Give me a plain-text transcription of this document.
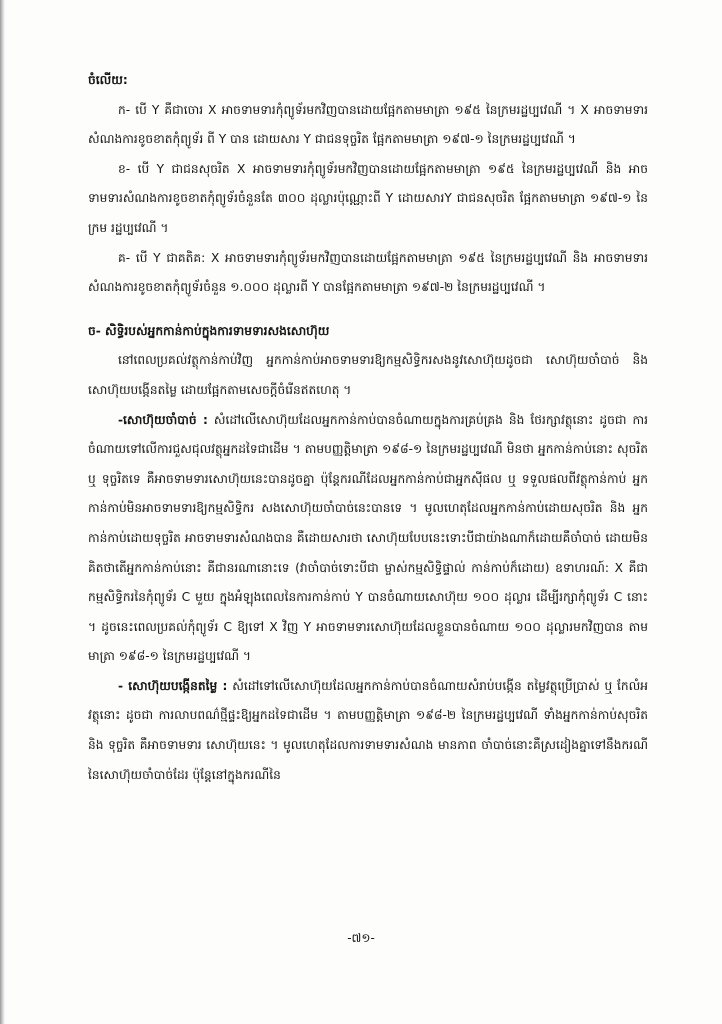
ចំលើយ:

ក- បើ Y គឺជាចោរ X អាចទាមទារកុំព្យូទ័រមកវិញបានដោយផ្អែកតាមមាត្រា ១៩៥ នៃក្រមរដ្ឋប្បវេណី ។ X អាចទាមទារ សំណងការខូចខាតកុំព្យូទ័រ ពី Y បាន ដោយសារ Y ជាជនទុច្ចរិត ផ្អែកតាមមាត្រា ១៩៧-១ នៃក្រមរដ្ឋប្បវេណី ។

ខ- បើ Y ជាជនសុចរិត X អាចទាមទារកុំព្យូទ័រមកវិញបានដោយផ្អែកតាមមាត្រា ១៩៥ នៃក្រមរដ្ឋប្បវេណី និង អាចទាមទារសំណងការខូចខាតកុំព្យូទ័រចំនួនតែ ៣០០ ដុល្លារប៉ុណ្ណោះពី Y ដោយសារY ជាជនសុចរិត ផ្អែកតាមមាត្រា ១៩៧-១ នៃក្រម រដ្ឋប្បវេណី ។

គ- បើ Y ជាគតិគ: X អាចទាមទារកុំព្យូទ័រមកវិញបានដោយផ្អែកតាមមាត្រា ១៩៥ នៃក្រមរដ្ឋប្បវេណី និង អាចទាមទារ សំណងការខូចខាតកុំព្យូទ័រចំនួន ១.០០០ ដុល្លារពី Y បានផ្អែកតាមមាត្រា ១៩៧-២ នៃក្រមរដ្ឋប្បវេណី ។

ច- សិទ្ធិរបស់អ្នកកាន់កាប់ក្នុងការទាមទារសងសោហ៊ុយ

នៅពេលប្រគល់វត្ថុកាន់កាប់វិញ អ្នកកាន់កាប់អាចទាមទារឱ្យកម្មសិទ្ធិករសងនូវសោហ៊ុយដូចជា សោហ៊ុយចាំបាច់ និង សោហ៊ុយបង្កើនតម្លៃ ដោយផ្អែកតាមសេចក្តីចំរើនឥតហេតុ ។

-សោហ៊ុយចាំបាច់ : សំដៅលើសោហ៊ុយដែលអ្នកកាន់កាប់បានចំណាយក្នុងការគ្រប់គ្រង និង ថែរក្សាវត្ថុនោះ ដូចជា ការចំណាយទៅលើការជួសជុលវត្ថុអ្នកដទៃជាដើម ។ តាមបញ្ញត្តិមាត្រា ១៩៨-១ នៃក្រមរដ្ឋប្បវេណី មិនថា អ្នកកាន់កាប់នោះ សុចរិត ឬ ទុច្ចរិតទេ គឺអាចទាមទារសោហ៊ុយនេះបានដូចគ្នា ប៉ុន្តែករណីដែលអ្នកកាន់កាប់ជាអ្នកស៊ីផល ឬ ទទួលផលពីវត្ថុកាន់កាប់ អ្នកកាន់កាប់មិនអាចទាមទារឱ្យកម្មសិទ្ធិករ សងសោហ៊ុយចាំបាច់នេះបានទេ ។ មូលហេតុដែលអ្នកកាន់កាប់ដោយសុចរិត និង អ្នកកាន់កាប់ដោយទុច្ចរិត អាចទាមទារសំណងបាន គឺដោយសារថា សោហ៊ុយបែបនេះទោះបីជាយ៉ាងណាក៏ដោយគឺចាំបាច់ ដោយមិនគិតថាតើអ្នកកាន់កាប់នោះ គឺជានរណានោះទេ (វាចាំបាច់ទោះបីជា ម្ចាស់កម្មសិទ្ធិផ្ទាល់ កាន់កាប់ក៏ដោយ) ឧទាហរណ៍: X គឺជាកម្មសិទ្ធិករនៃកុំព្យូទ័រ C មួយ ក្នុងអំឡុងពេលនៃការកាន់កាប់ Y បានចំណាយសោហ៊ុយ ១០០ ដុល្លារ ដើម្បីរក្សាកុំព្យូទ័រ C នោះ ។ ដូចនេះពេលប្រគល់កុំព្យូទ័រ C ឱ្យទៅ X វិញ Y អាចទាមទារសោហ៊ុយដែលខ្លួនបានចំណាយ ១០០ ដុល្លារមកវិញបាន តាមមាត្រា ១៩៨-១ នៃក្រមរដ្ឋប្បវេណី ។

- សោហ៊ុយបង្កើនតម្លៃ : សំដៅទៅលើសោហ៊ុយដែលអ្នកកាន់កាប់បានចំណាយសំរាប់បង្កើន តម្លៃវត្ថុប្រើប្រាស់ ឬ កែលំអវត្ថុនោះ ដូចជា ការលាបពណ៌ថ្មីផ្ទះឱ្យអ្នកដទៃជាដើម ។ តាមបញ្ញត្តិមាត្រា ១៩៨-២ នៃក្រមរដ្ឋប្បវេណី ទាំងអ្នកកាន់កាប់សុចរិត និង ទុច្ចរិត គឺអាចទាមទារ សោហ៊ុយនេះ ។ មូលហេតុដែលការទាមទារសំណង មានភាព ចាំបាច់នោះគឺស្រដៀងគ្នាទៅនឹងករណីនៃសោហ៊ុយចាំបាច់ដែរ ប៉ុន្តែនៅក្នុងករណីនៃ

-៧១-
